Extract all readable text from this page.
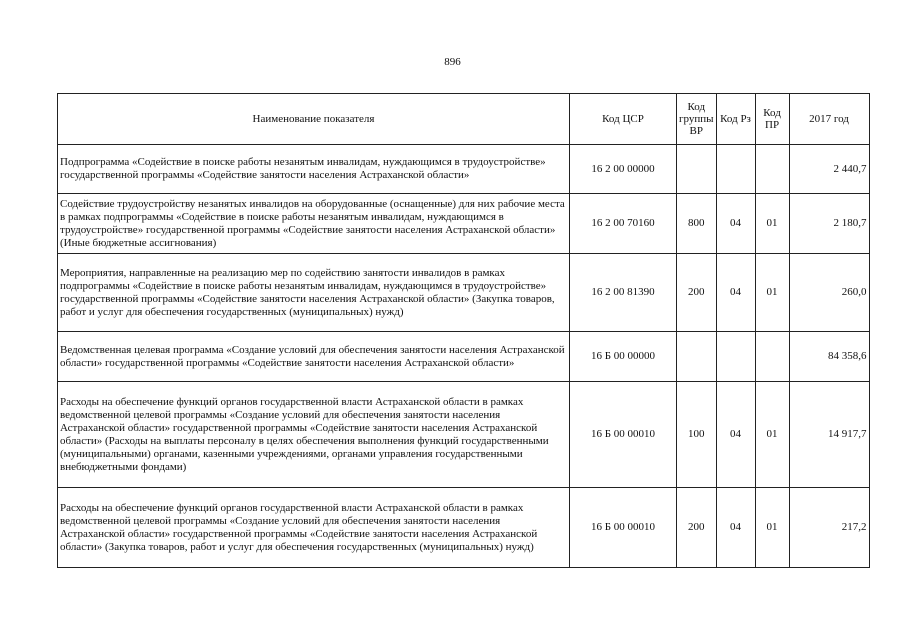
896
Наименование показателя	Код ЦСР	Код группы ВР	Код Рз	Код ПР	2017 год
Подпрограмма «Содействие в поиске работы незанятым инвалидам, нуждающимся в трудоустройстве» государственной программы «Содействие занятости населения Астраханской области»	16 2 00 00000				2 440,7
Содействие трудоустройству незанятых инвалидов на оборудованные (оснащенные) для них рабочие места в рамках подпрограммы «Содействие в поиске работы незанятым инвалидам, нуждающимся в трудоустройстве» государственной программы «Содействие занятости населения Астраханской области» (Иные бюджетные ассигнования)	16 2 00 70160	800	04	01	2 180,7
Мероприятия, направленные на реализацию мер по содействию занятости инвалидов в рамках подпрограммы «Содействие в поиске работы незанятым инвалидам, нуждающимся в трудоустройстве» государственной программы «Содействие занятости населения Астраханской области» (Закупка товаров, работ и услуг для обеспечения государственных (муниципальных) нужд)	16 2 00 81390	200	04	01	260,0
Ведомственная целевая программа «Создание условий для обеспечения занятости населения Астраханской области» государственной программы «Содействие занятости населения Астраханской области»	16 Б 00 00000				84 358,6
Расходы на обеспечение функций органов государственной власти Астраханской области в рамках ведомственной целевой программы «Создание условий для обеспечения занятости населения Астраханской области» государственной программы «Содействие занятости населения Астраханской области» (Расходы на выплаты персоналу в целях обеспечения выполнения функций государственными (муниципальными) органами, казенными учреждениями, органами управления государственными внебюджетными фондами)	16 Б 00 00010	100	04	01	14 917,7
Расходы на обеспечение функций органов государственной власти Астраханской области в рамках ведомственной целевой программы «Создание условий для обеспечения занятости населения Астраханской области» государственной программы «Содействие занятости населения Астраханской области» (Закупка товаров, работ и услуг для обеспечения государственных (муниципальных) нужд)	16 Б 00 00010	200	04	01	217,2
